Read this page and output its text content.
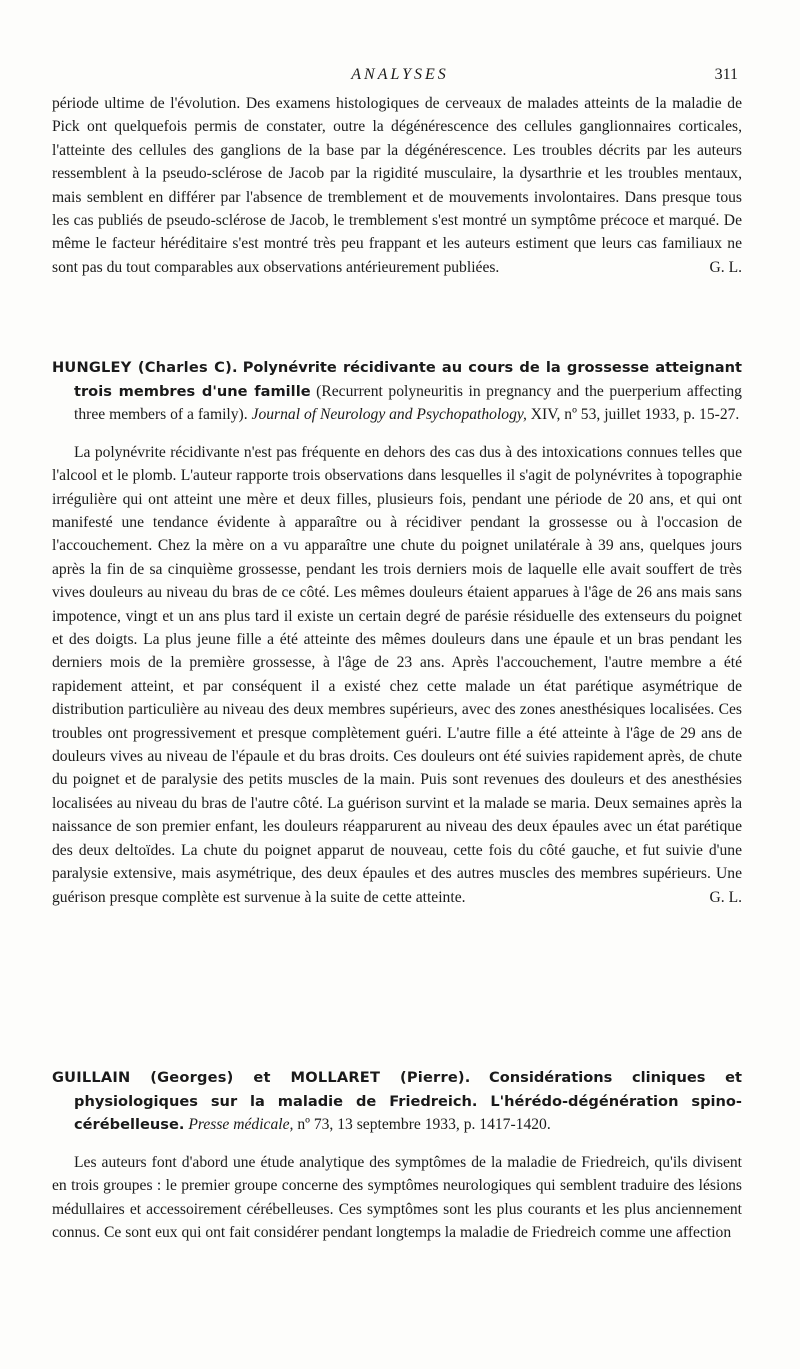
ANALYSES	311

période ultime de l'évolution. Des examens histologiques de cerveaux de malades atteints de la maladie de Pick ont quelquefois permis de constater, outre la dégénérescence des cellules ganglionnaires corticales, l'atteinte des cellules des ganglions de la base par la dégénérescence. Les troubles décrits par les auteurs ressemblent à la pseudo-sclérose de Jacob par la rigidité musculaire, la dysarthrie et les troubles mentaux, mais semblent en différer par l'absence de tremblement et de mouvements involontaires. Dans presque tous les cas publiés de pseudo-sclérose de Jacob, le tremblement s'est montré un symptôme précoce et marqué. De même le facteur héréditaire s'est montré très peu frappant et les auteurs estiment que leurs cas familiaux ne sont pas du tout comparables aux observations antérieurement publiées.	G. L.

HUNGLEY (Charles C). Polynévrite récidivante au cours de la grossesse atteignant trois membres d'une famille (Recurrent polyneuritis in pregnancy and the puerperium affecting three members of a family). Journal of Neurology and Psychopathology, XIV, nº 53, juillet 1933, p. 15-27.

La polynévrite récidivante n'est pas fréquente en dehors des cas dus à des intoxications connues telles que l'alcool et le plomb. L'auteur rapporte trois observations dans lesquelles il s'agit de polynévrites à topographie irrégulière qui ont atteint une mère et deux filles, plusieurs fois, pendant une période de 20 ans, et qui ont manifesté une tendance évidente à apparaître ou à récidiver pendant la grossesse ou à l'occasion de l'accouchement. Chez la mère on a vu apparaître une chute du poignet unilatérale à 39 ans, quelques jours après la fin de sa cinquième grossesse, pendant les trois derniers mois de laquelle elle avait souffert de très vives douleurs au niveau du bras de ce côté. Les mêmes douleurs étaient apparues à l'âge de 26 ans mais sans impotence, vingt et un ans plus tard il existe un certain degré de parésie résiduelle des extenseurs du poignet et des doigts. La plus jeune fille a été atteinte des mêmes douleurs dans une épaule et un bras pendant les derniers mois de la première grossesse, à l'âge de 23 ans. Après l'accouchement, l'autre membre a été rapidement atteint, et par conséquent il a existé chez cette malade un état parétique asymétrique de distribution particulière au niveau des deux membres supérieurs, avec des zones anesthésiques localisées. Ces troubles ont progressivement et presque complètement guéri. L'autre fille a été atteinte à l'âge de 29 ans de douleurs vives au niveau de l'épaule et du bras droits. Ces douleurs ont été suivies rapidement après, de chute du poignet et de paralysie des petits muscles de la main. Puis sont revenues des douleurs et des anesthésies localisées au niveau du bras de l'autre côté. La guérison survint et la malade se maria. Deux semaines après la naissance de son premier enfant, les douleurs réapparurent au niveau des deux épaules avec un état parétique des deux deltoïdes. La chute du poignet apparut de nouveau, cette fois du côté gauche, et fut suivie d'une paralysie extensive, mais asymétrique, des deux épaules et des autres muscles des membres supérieurs. Une guérison presque complète est survenue à la suite de cette atteinte.	G. L.

GUILLAIN (Georges) et MOLLARET (Pierre). Considérations cliniques et physiologiques sur la maladie de Friedreich. L'hérédo-dégénération spino-cérébelleuse. Presse médicale, nº 73, 13 septembre 1933, p. 1417-1420.

Les auteurs font d'abord une étude analytique des symptômes de la maladie de Friedreich, qu'ils divisent en trois groupes : le premier groupe concerne des symptômes neurologiques qui semblent traduire des lésions médullaires et accessoirement cérébelleuses. Ces symptômes sont les plus courants et les plus anciennement connus. Ce sont eux qui ont fait considérer pendant longtemps la maladie de Friedreich comme une affection
